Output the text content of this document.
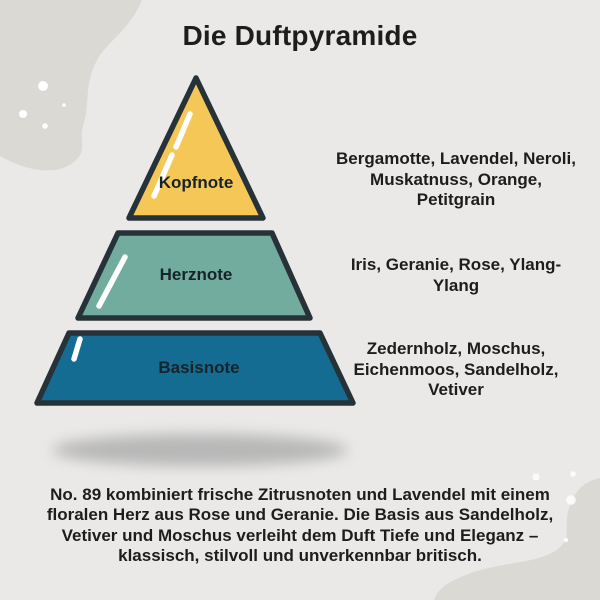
Die Duftpyramide
Kopfnote
Herznote
Basisnote
Bergamotte, Lavendel, Neroli, Muskatnuss, Orange, Petitgrain
Iris, Geranie, Rose, Ylang-Ylang
Zedernholz, Moschus, Eichenmoos, Sandelholz, Vetiver
No. 89 kombiniert frische Zitrusnoten und Lavendel mit einem floralen Herz aus Rose und Geranie. Die Basis aus Sandelholz, Vetiver und Moschus verleiht dem Duft Tiefe und Eleganz – klassisch, stilvoll und unverkennbar britisch.
